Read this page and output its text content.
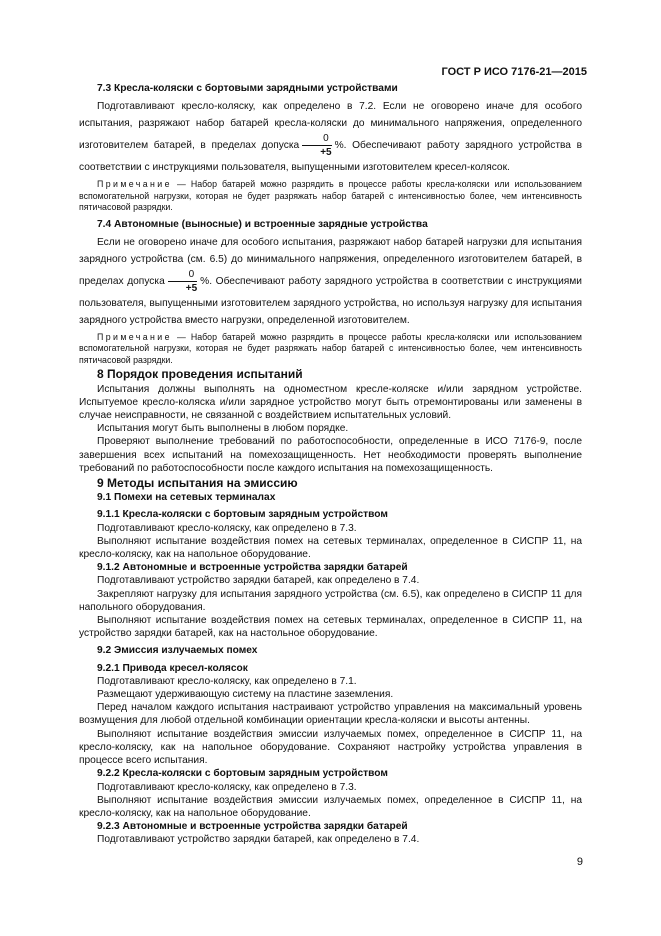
ГОСТ Р ИСО 7176-21—2015

7.3 Кресла-коляски с бортовыми зарядными устройствами

Подготавливают кресло-коляску, как определено в 7.2. Если не оговорено иначе для особого испытания, разряжают набор батарей кресла-коляски до минимального напряжения, определенного изготовителем батарей, в пределах допуска $\frac{0}{+5}$ %. Обеспечивают работу зарядного устройства в соответствии с инструкциями пользователя, выпущенными изготовителем кресел-колясок.

Примечание — Набор батарей можно разрядить в процессе работы кресла-коляски или использованием вспомогательной нагрузки, которая не будет разряжать набор батарей с интенсивностью более, чем интенсивность пятичасовой разрядки.

7.4 Автономные (выносные) и встроенные зарядные устройства

Если не оговорено иначе для особого испытания, разряжают набор батарей нагрузки для испытания зарядного устройства (см. 6.5) до минимального напряжения, определенного изготовителем батарей, в пределах допуска $\frac{0}{+5}$ %. Обеспечивают работу зарядного устройства в соответствии с инструкциями пользователя, выпущенными изготовителем зарядного устройства, но используя нагрузку для испытания зарядного устройства вместо нагрузки, определенной изготовителем.

Примечание — Набор батарей можно разрядить в процессе работы кресла-коляски или использованием вспомогательной нагрузки, которая не будет разряжать набор батарей с интенсивностью более, чем интенсивность пятичасовой разрядки.

8 Порядок проведения испытаний

Испытания должны выполнять на одноместном кресле-коляске и/или зарядном устройстве. Испытуемое кресло-коляска и/или зарядное устройство могут быть отремонтированы или заменены в случае неисправности, не связанной с воздействием испытательных условий.

Испытания могут быть выполнены в любом порядке.

Проверяют выполнение требований по работоспособности, определенные в ИСО 7176-9, после завершения всех испытаний на помехозащищенность. Нет необходимости проверять выполнение требований по работоспособности после каждого испытания на помехозащищенность.

9 Методы испытания на эмиссию

9.1 Помехи на сетевых терминалах

9.1.1 Кресла-коляски с бортовым зарядным устройством

Подготавливают кресло-коляску, как определено в 7.3.

Выполняют испытание воздействия помех на сетевых терминалах, определенное в СИСПР 11, на кресло-коляску, как на напольное оборудование.

9.1.2 Автономные и встроенные устройства зарядки батарей

Подготавливают устройство зарядки батарей, как определено в 7.4.

Закрепляют нагрузку для испытания зарядного устройства (см. 6.5), как определено в СИСПР 11 для напольного оборудования.

Выполняют испытание воздействия помех на сетевых терминалах, определенное в СИСПР 11, на устройство зарядки батарей, как на настольное оборудование.

9.2 Эмиссия излучаемых помех

9.2.1 Привода кресел-колясок

Подготавливают кресло-коляску, как определено в 7.1.

Размещают удерживающую систему на пластине заземления.

Перед началом каждого испытания настраивают устройство управления на максимальный уровень возмущения для любой отдельной комбинации ориентации кресла-коляски и высоты антенны.

Выполняют испытание воздействия эмиссии излучаемых помех, определенное в СИСПР 11, на кресло-коляску, как на напольное оборудование. Сохраняют настройку устройства управления в процессе всего испытания.

9.2.2 Кресла-коляски с бортовым зарядным устройством

Подготавливают кресло-коляску, как определено в 7.3.

Выполняют испытание воздействия эмиссии излучаемых помех, определенное в СИСПР 11, на кресло-коляску, как на напольное оборудование.

9.2.3 Автономные и встроенные устройства зарядки батарей

Подготавливают устройство зарядки батарей, как определено в 7.4.

9
